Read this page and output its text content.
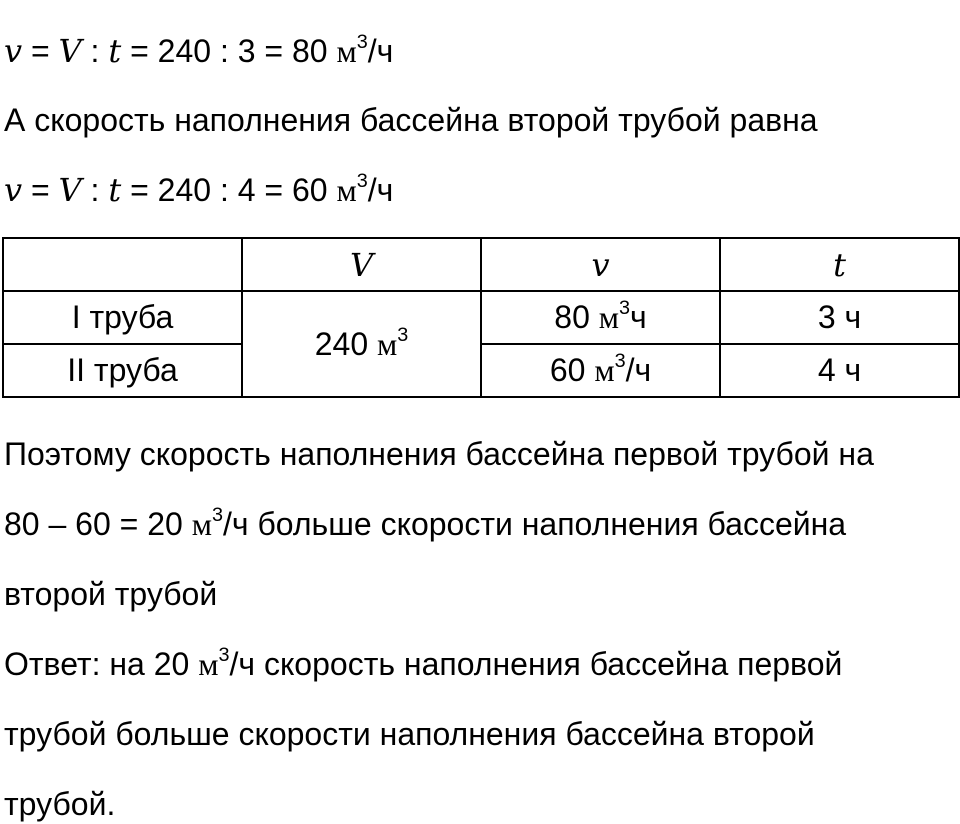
v = V : t = 240 : 3 = 80 $м^3/ч$
А скорость наполнения бассейна второй трубой равна
v = V : t = 240 : 4 = 60 $м^3/ч$
	V	v	t
I труба	240 $м^3$	80 $м^3ч$	3 ч
II труба		60 $м^3/ч$	4 ч
Поэтому скорость наполнения бассейна первой трубой на
80 – 60 = 20 $м^3/ч$ больше скорости наполнения бассейна
второй трубой
Ответ: на 20 $м^3/ч$ скорость наполнения бассейна первой
трубой больше скорости наполнения бассейна второй
трубой.
